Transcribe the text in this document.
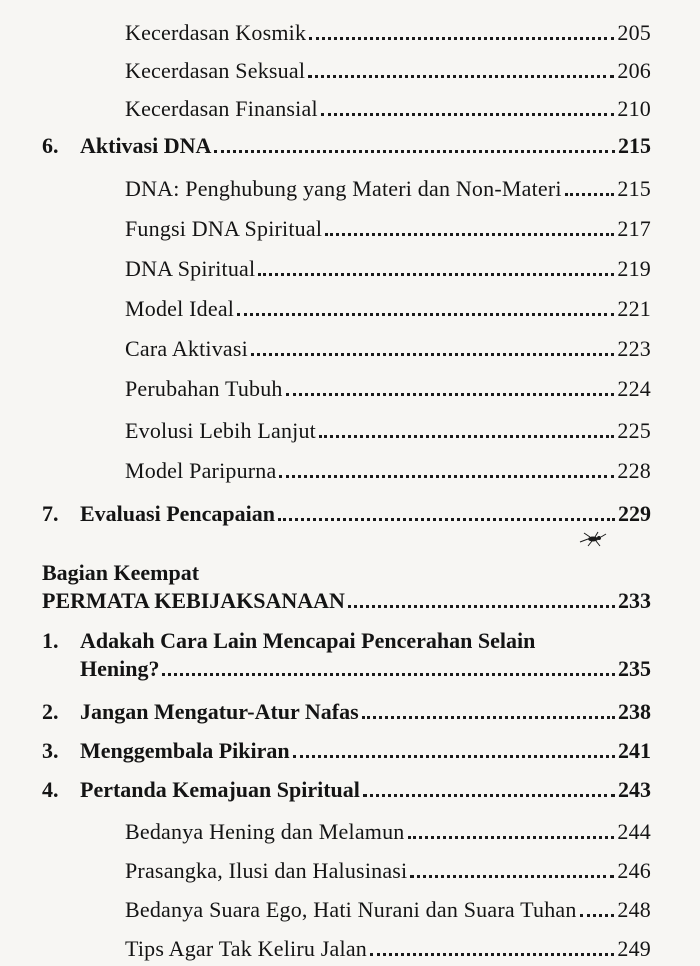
Kecerdasan Kosmik	205
Kecerdasan Seksual	206
Kecerdasan Finansial	210
6. Aktivasi DNA	215
DNA: Penghubung yang Materi dan Non-Materi	215
Fungsi DNA Spiritual	217
DNA Spiritual	219
Model Ideal	221
Cara Aktivasi	223
Perubahan Tubuh	224
Evolusi Lebih Lanjut	225
Model Paripurna	228
7. Evaluasi Pencapaian	229
Bagian Keempat
PERMATA KEBIJAKSANAAN	233
1. Adakah Cara Lain Mencapai Pencerahan Selain
Hening?	235
2. Jangan Mengatur-Atur Nafas	238
3. Menggembala Pikiran	241
4. Pertanda Kemajuan Spiritual	243
Bedanya Hening dan Melamun	244
Prasangka, Ilusi dan Halusinasi	246
Bedanya Suara Ego, Hati Nurani dan Suara Tuhan 248
Tips Agar Tak Keliru Jalan	249
